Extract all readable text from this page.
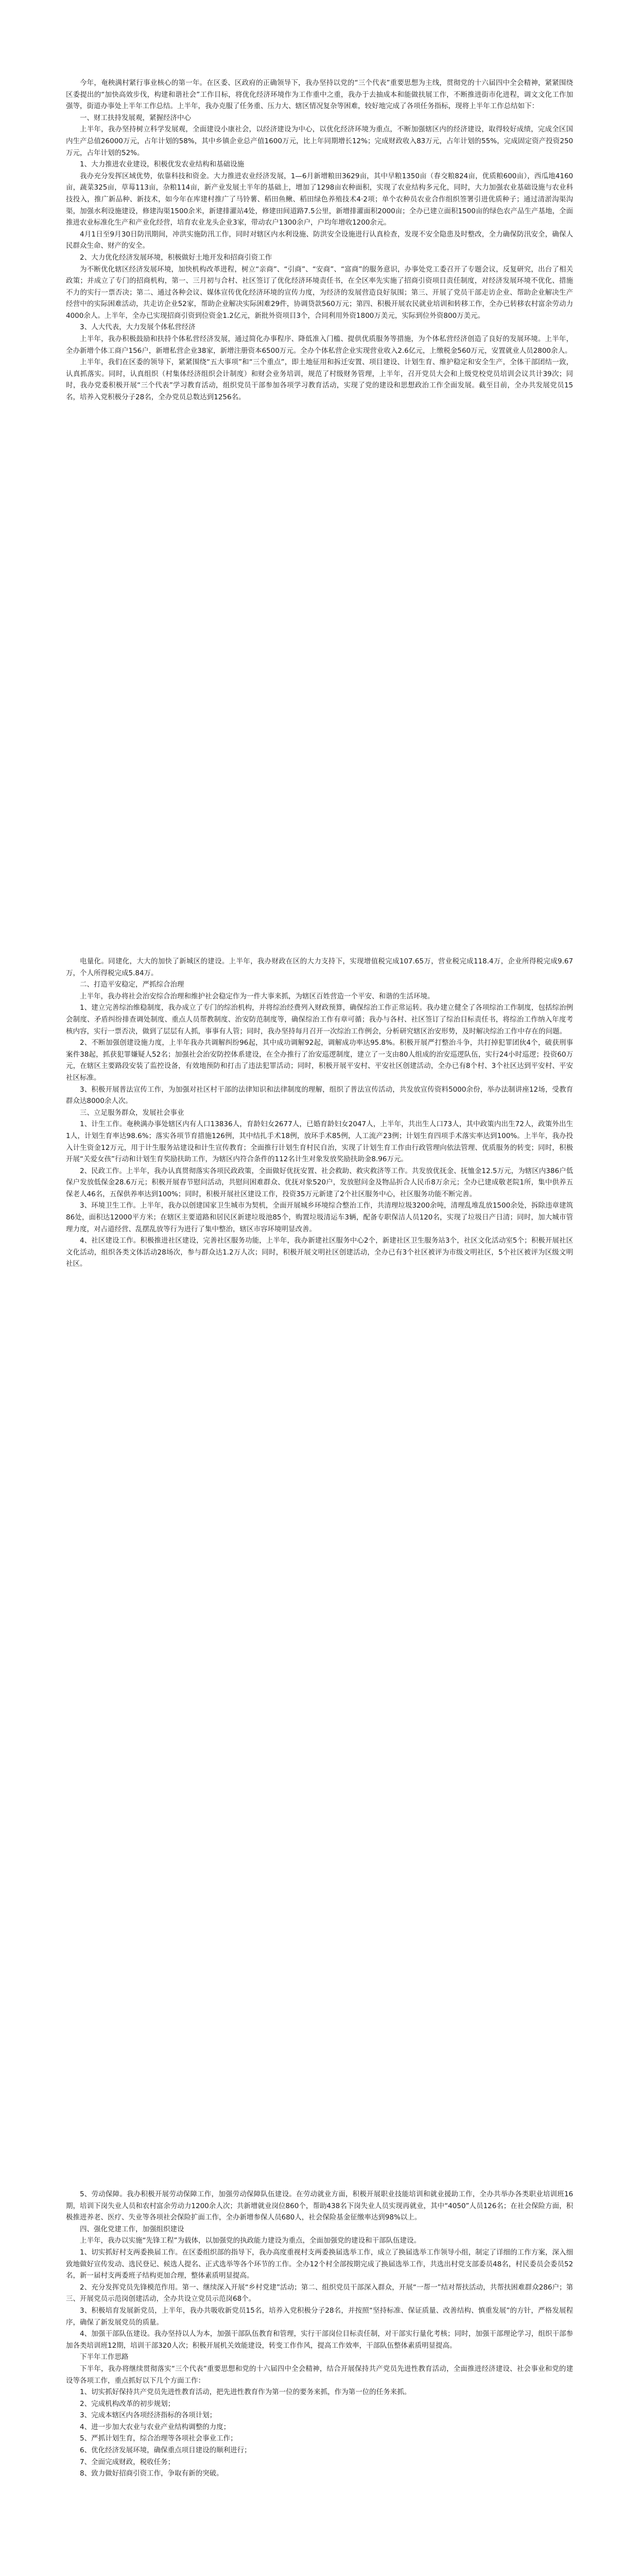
今年，奄秧满村紧行事业核心的第一年。在区委、区政府的正确领导下，我办坚持以党的“三个代表”重要思想为主线，贯彻党的十六届四中全会精神，紧紧围绕区委提出的“加快高效步伐，构建和谐社会”工作目标，将优化经济环境作为工作重中之重，我办于去抽成本和能做扶展工作，不断推进街市化进程，调文文化工作加强等，街道办事处上半年工作总结。上半年，我办克服了任务重、压力大、辖区情况复杂等困难，较好地完成了各项任务指标，现将上半年工作总结如下：

一、财工扶持发展观，紧握经济中心

上半年，我办坚持树立科学发展观，全面建设小康社会，以经济建设为中心，以优化经济环境为重点，不断加强辖区内的经济建设，取得较好成绩，完成全区国内生产总值26000万元，占年计划的58%，其中乡镇企业总产值1600万元，比上年同期增长12%；完成财政收入83万元，占年计划的55%，完成固定资产投资250万元，占年计划的52%。

1、大力推进农业建设，积极优发农业结构和基础设施

我办充分发挥区域优势，依靠科技和资金。大力推进农业经济发展，1—6月新增粮田3629亩，其中早粮1350亩（春交粮824亩，优质粮600亩），西瓜地4160亩，蔬菜325亩，草莓113亩，杂粮114亩，新产业发展土半年的基础上，增加了1298亩农种面积，实现了农业结构多元化，同时，大力加强农业基础设施与农业科技投入，推广新品种、新技术，如今年在库建村推广了马铃薯、稻田鱼鳅、稻田绿色养殖技术4·2项；单个农种员农业合作组织签署引进优质种子；通过清淤沟渠沟渠，加强水利设施建设，修建沟渠1500余米，新建排灌站4处，修建田间道路7.5公里，新增排灌面积2000亩；全办已建立面积1500亩的绿色农产品生产基地，全面推进农业标准化生产和产业化经营，培育农业龙头企业3家，带动农户1300余户，户均年增收1200余元。

4月1日至9月30日防汛期间，冲洪实施防汛工作，同时对辖区内水利设施、防洪安全设施进行认真检查，发现不安全隐患及时整改，全力确保防汛安全，确保人民群众生命、财产的安全。

2、大力优化经济发展环境，积极做好土地开发和招商引资工作

为不断优化辖区经济发展环境，加快机构改革进程，树立“亲商”、“引商”、“安商”、“富商”的服务意识，办事处党工委召开了专题会议，反复研究，出台了相关政策；并成立了专门的招商机构，第一、三月初与合村、社区签订了优化经济环境责任书，在全区率先实施了招商引资项目责任制度，对经济发展环境不优化、措施不力的实行一票否决；第二、通过各种会议、媒体宣传优化经济环境的宣传力度，为经济的发展营造良好氛围；第三、开展了党员干部走访企业、帮助企业解决生产经营中的实际困难活动，共走访企业52家，帮助企业解决实际困难29件，协调贷款560万元；第四、积极开展农民就业培训和转移工作，全办已转移农村富余劳动力4000余人。上半年，全办已实现招商引资到位资金1.2亿元，新批外资项目3个，合同利用外资1800万美元，实际到位外资800万美元。

3、人大代表，大力发展个体私营经济

上半年，我办积极鼓励和扶持个体私营经济发展，通过简化办事程序、降低准入门槛、提供优质服务等措施，为个体私营经济创造了良好的发展环境。上半年，全办新增个体工商户156户，新增私营企业38家，新增注册资本6500万元。全办个体私营企业实现营业收入2.6亿元，上缴税金560万元，安置就业人员2800余人。

上半年，我们在区委的领导下，紧紧围绕“五大事项”和“三个重点”，即土地征用和拆迁安置、项目建设、计划生育、维护稳定和安全生产，全体干部团结一致，认真抓落实。同时，认真组织（村集体经济组织会计制度）和财会业务培训，规范了村级财务管理，上半年，召开党员大会和上级党校党员培训会议共计39次；同时，我办党委积极开展“三个代表”学习教育活动，组织党员干部参加各项学习教育活动，实现了党的建设和思想政治工作全面发展。截至目前，全办共发展党员15名，培养入党积极分子28名，全办党员总数达到1256名。

电量化。同建化，大大的加快了新城区的建设。上半年，我办财政在区的大力支持下，实现增值税完成107.65万，营业税完成118.4万，企业所得税完成9.67万，个人所得税完成5.84万。

二、打造平安稳定，严抓综合治理

上半年，我办将社会治安综合治理和维护社会稳定作为一件大事来抓，为辖区百姓营造一个平安、和谐的生活环境。

1、建立完善综治维稳制度，我办成立了专门的综治机构，并将综治经费列入财政预算，确保综治工作正常运转。我办建立健全了各项综治工作制度，包括综治例会制度、矛盾纠纷排查调处制度、重点人员帮教制度、治安防范制度等，确保综治工作有章可循；我办与各村、社区签订了综治目标责任书，将综治工作纳入年度考核内容，实行一票否决，做到了层层有人抓，事事有人管；同时，我办坚持每月召开一次综治工作例会，分析研究辖区治安形势，及时解决综治工作中存在的问题。

2、不断加强创建设施力度，上半年我办共调解纠纷96起，其中成功调解92起，调解成功率达95.8%。积极开展严打整治斗争，共打掉犯罪团伙4个，破获刑事案件38起，抓获犯罪嫌疑人52名；加强社会治安防控体系建设，在全办推行了治安巡逻制度，建立了一支由80人组成的治安巡逻队伍，实行24小时巡逻；投资60万元，在辖区主要路段安装了监控设备，有效地预防和打击了违法犯罪活动；同时，积极开展平安村、平安社区创建活动，全办已有8个村、3个社区达到平安村、平安社区标准。

3、积极开展普法宣传工作，为加强对社区村干部的法律知识和法律制度的理解，组织了普法宣传活动，共发放宣传资料5000余份，举办法制讲座12场，受教育群众达8000余人次。

三、立足服务群众，发展社会事业

1、计生工作。奄秧满办事处辖区内有人口13836人，育龄妇女2677人，已婚育龄妇女2047人，上半年，共出生人口73人，其中政策内出生72人，政策外出生1人，计划生育率达98.6%；落实各项节育措施126例，其中结扎手术18例，放环手术85例，人工流产23例；计划生育四项手术落实率达到100%。上半年，我办投入计生资金12万元，用于计生服务站建设和计生宣传教育；全面推行计划生育村民自治，实现了计划生育工作由行政管理向依法管理、优质服务的转变；同时，积极开展“关爱女孩”行动和计划生育奖励扶助工作，为辖区内符合条件的112名计生对象发放奖励扶助金8.96万元。

2、民政工作。上半年，我办认真贯彻落实各项民政政策，全面做好优抚安置、社会救助、救灾救济等工作。共发放优抚金、抚恤金12.5万元，为辖区内386户低保户发放低保金28.6万元；积极开展春节慰问活动，共慰问困难群众、优抚对象520户，发放慰问金及物品折合人民币8万余元；全办已建成敬老院1所，集中供养五保老人46名，五保供养率达到100%；同时，积极开展社区建设工作，投资35万元新建了2个社区服务中心，社区服务功能不断完善。

3、环境卫生工作。上半年，我办以创建国家卫生城市为契机，全面开展城乡环境综合整治工作，共清理垃圾3200余吨，清理乱堆乱放1500余处，拆除违章建筑86处，面积达12000平方米；在辖区主要道路和居民区新建垃圾池85个，购置垃圾清运车3辆，配备专职保洁人员120名，实现了垃圾日产日清；同时，加大城市管理力度，对占道经营、乱摆乱放等行为进行了集中整治，辖区市容环境明显改善。

4、社区建设工作。积极推进社区建设，完善社区服务功能，上半年，我办新建社区服务中心2个，新建社区卫生服务站3个，社区文化活动室5个；积极开展社区文化活动，组织各类文体活动28场次，参与群众达1.2万人次；同时，积极开展文明社区创建活动，全办已有3个社区被评为市级文明社区，5个社区被评为区级文明社区。

5、劳动保障。我办积极开展劳动保障工作，加强劳动保障队伍建设。在劳动就业方面，积极开展职业技能培训和就业援助工作，全办共举办各类职业培训班16期，培训下岗失业人员和农村富余劳动力1200余人次；共新增就业岗位860个，帮助438名下岗失业人员实现再就业，其中“4050”人员126名；在社会保险方面，积极推进养老、医疗、失业等各项社会保险扩面工作，全办新增参保人员680人，社会保险基金征缴率达到98%以上。

四、强化党建工作，加强组织建设

上半年，我办以实施“先锋工程”为载体，以加强党的执政能力建设为重点，全面加强党的建设和干部队伍建设。

1、切实抓好村支两委换届工作。在区委组织部的指导下，我办高度重视村支两委换届选举工作，成立了换届选举工作领导小组，制定了详细的工作方案，深入细致地做好宣传发动、选民登记、候选人提名、正式选举等各个环节的工作。全办12个村全部按期完成了换届选举工作，共选出村党支部委员48名，村民委员会委员52名，新一届村支两委班子结构更加合理，整体素质明显提高。

2、充分发挥党员先锋模范作用。第一、继续深入开展“乡村党建”活动；第二、组织党员干部深入群众，开展“一帮一”结对帮扶活动，共帮扶困难群众286户；第三、开展党员示范岗创建活动，全办共设立党员示范岗68个。

3、积极培育发展新党员，上半年，我办共吸收新党员15名，培养入党积极分子28名，并按照“坚持标准、保证质量、改善结构、慎重发展”的方针，严格发展程序，确保了新发展党员的质量。

4、加强干部队伍建设。我办坚持以人为本，加强干部队伍教育和管理，实行干部岗位目标责任制，对干部实行量化考核；同时，加强干部理论学习，组织干部参加各类培训班12期，培训干部320人次；积极开展机关效能建设，转变工作作风，提高工作效率，干部队伍整体素质明显提高。

下半年工作思路

下半年，我办将继续贯彻落实“三个代表”重要思想和党的十六届四中全会精神，结合开展保持共产党员先进性教育活动，全面推进经济建设、社会事业和党的建设等各项工作，重点抓好以下几个方面工作：

1、切实抓好保持共产党员先进性教育活动，把先进性教育作为第一位的要务来抓，作为第一位的任务来抓。

2、完成机构改革的初步规划；

3、完成本辖区内各项经济指标的各项计划；

4、进一步加大农业与农业产业结构调整的力度；

5、严抓计划生育，综合治理等各项社会事业工作；

6、优化经济发展环境，确保重点项目建设的顺利进行；

7、全面完成财政，税收任务；

8、致力做好招商引资工作，争取有新的突破。
